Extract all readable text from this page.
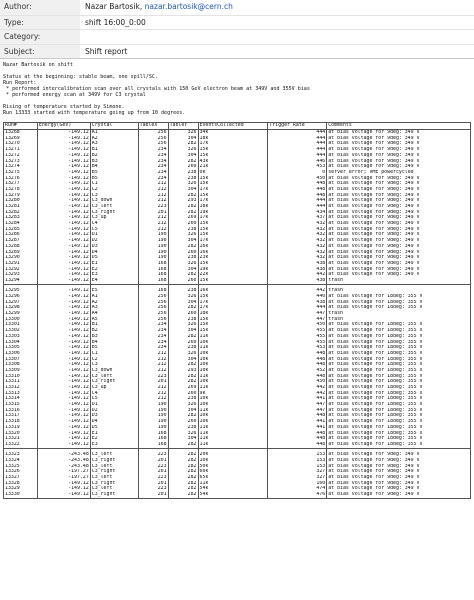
Author:	Nazar Bartosik, nazar.bartosik@cern.ch
Type:	shift 16:00_0:00
Category:
Subject:	Shift report
Nazar Bartosik on shift
Status at the beginning: stable beam, one spill/SC.
Run Report:
* performed intercalibration scan over all crystals with 150 GeV electron beam at 349V and 355V bias
* performed energy scan at 349V for C3 crystal
Rising of temperature started by Simone.
Run 13333 started with temperature going up from 10 degrees.
Run#	Energy(GeV)	Crystal	TableX	TableY	EventsCollected	Trigger Rate	Comments
13268	-149.12	A1	256	326	34k	444	at bias voltage for 9deg: 349 V
13269	-149.12	A2	256	304	18k	444	at bias voltage for 9deg: 349 V
13270	-149.12	A3	256	282	17k	444	at bias voltage for 9deg: 349 V
13271	-149.12	B1	234	326	15k	444	at bias voltage for 9deg: 349 V
13272	-149.12	B2	234	304	15k	444	at bias voltage for 9deg: 349 V
13273	-149.12	B3	234	282	43k	446	at bias voltage for 9deg: 349 V
13274	-149.12	B4	234	260	21k	453	at bias voltage for 9deg: 349 V
13275	-149.12	B5	234	238	0k	0	server error; VME powercycled
13276	-149.12	B5	234	238	15k	450	at bias voltage for 9deg: 349 V
13277	-149.12	C1	212	326	15k	448	at bias voltage for 9deg: 349 V
13278	-149.12	C2	212	304	17k	448	at bias voltage for 9deg: 349 V
13279	-149.12	C3	212	282	15k	448	at bias voltage for 9deg: 349 V
13280	-149.12	C3_down	212	293	17k	444	at bias voltage for 9deg: 349 V
13281	-149.12	C3_left	223	282	18k	444	at bias voltage for 9deg: 349 V
13282	-149.12	C3_right	201	282	19k	434	at bias voltage for 9deg: 349 V
13283	-149.12	C3_up	212	269	17k	437	at bias voltage for 9deg: 349 V
13284	-149.12	C4	212	260	15k	432	at bias voltage for 9deg: 349 V
13285	-149.12	C5	212	238	15k	432	at bias voltage for 9deg: 349 V
13286	-149.12	D1	190	326	15k	432	at bias voltage for 9deg: 349 V
13287	-149.12	D2	190	304	17k	432	at bias voltage for 9deg: 349 V
13288	-149.12	D3	190	282	16k	432	at bias voltage for 9deg: 349 V
13289	-149.12	D4	190	260	16k	432	at bias voltage for 9deg: 349 V
13290	-149.12	D5	190	238	23k	432	at bias voltage for 9deg: 349 V
13291	-149.12	E1	168	326	15k	438	at bias voltage for 9deg: 349 V
13292	-149.12	E2	168	304	19k	438	at bias voltage for 9deg: 349 V
13293	-149.12	E3	168	282	22k	442	at bias voltage for 9deg: 349 V
13294	-149.12	E4	168	260	15k	438	trash

13295	-149.12	E5	168	238	16k	442	trash
13296	-149.12	A1	256	326	15k	440	at bias voltage for 18deg: 355 V
13297	-149.12	A2	256	304	17k	438	at bias voltage for 18deg: 355 V
13298	-149.12	A3	256	282	17k	444	at bias voltage for 18deg: 355 V
13299	-149.12	A4	256	260	18k	447	trash
13300	-149.12	A5	256	238	15k	447	trash
13301	-149.12	B1	234	326	15k	450	at bias voltage for 18deg: 355 V
13302	-149.12	B2	234	304	15k	455	at bias voltage for 18deg: 355 V
13303	-149.12	B3	234	282	11k	455	at bias voltage for 18deg: 355 V
13304	-149.12	B4	234	260	10k	455	at bias voltage for 18deg: 355 V
13305	-149.12	B5	234	238	11k	453	at bias voltage for 18deg: 355 V
13306	-149.12	C1	212	326	10k	448	at bias voltage for 18deg: 355 V
13307	-149.12	C2	212	304	10k	448	at bias voltage for 18deg: 355 V
13308	-149.12	C3	212	282	10k	448	at bias voltage for 18deg: 355 V
13309	-149.12	C3_down	212	293	10k	452	at bias voltage for 18deg: 355 V
13310	-149.12	C3_left	223	282	11k	448	at bias voltage for 18deg: 355 V
13311	-149.12	C3_right	201	282	10k	450	at bias voltage for 18deg: 355 V
13312	-149.12	C3_up	212	269	11k	442	at bias voltage for 18deg: 355 V
13313	-149.12	C4	212	260	9k	442	at bias voltage for 18deg: 355 V
13314	-149.12	C5	212	238	10k	441	at bias voltage for 18deg: 355 V
13315	-149.12	D1	190	326	10k	447	at bias voltage for 18deg: 355 V
13316	-149.12	D2	190	304	11k	447	at bias voltage for 18deg: 355 V
13317	-149.12	D3	190	282	10k	448	at bias voltage for 18deg: 355 V
13318	-149.12	D4	190	260	10k	441	at bias voltage for 18deg: 355 V
13319	-149.12	D5	190	238	11k	441	at bias voltage for 18deg: 355 V
13320	-149.12	E1	168	326	11k	448	at bias voltage for 18deg: 355 V
13321	-149.12	E2	168	304	11k	448	at bias voltage for 18deg: 355 V
13322	-149.12	E3	168	282	11k	448	at bias voltage for 18deg: 355 V

13323	-243.48	C3_left	223	282	20k	153	at bias voltage for 9deg: 349 V
13324	-243.48	C3_right	201	282	10k	153	at bias voltage for 9deg: 349 V
13325	-243.48	C3_left	223	282	50k	153	at bias voltage for 9deg: 349 V
13326	-197.27	C3_right	201	282	60k	327	at bias voltage for 9deg: 349 V
13327	-197.27	C3_left	223	282	65k	327	at bias voltage for 9deg: 349 V
13328	-149.12	C3_right	201	282	11k	160	at bias voltage for 9deg: 349 V
13329	-149.12	C3_left	223	282	54k	474	at bias voltage for 9deg: 349 V
13330	-149.12	C3_right	201	282	54k	476	at bias voltage for 9deg: 349 V
